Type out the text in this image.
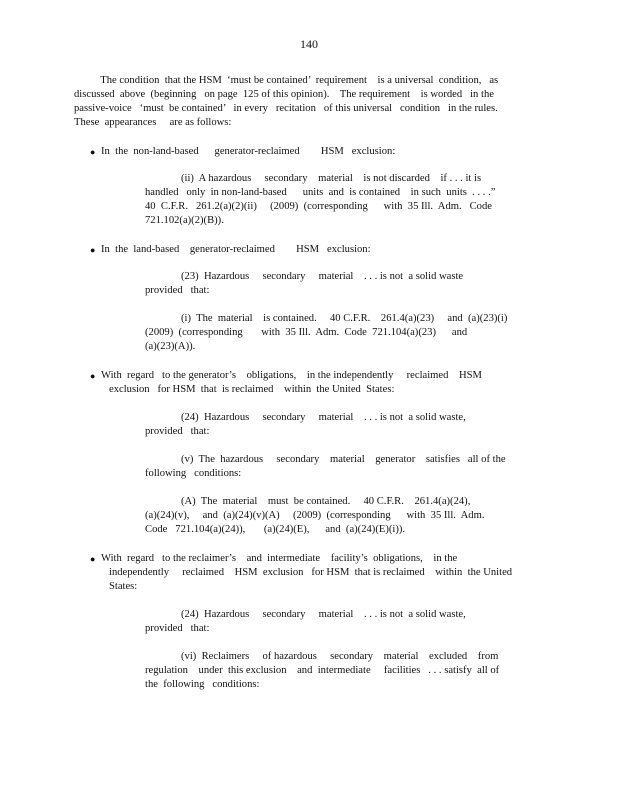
140
The condition  that the HSM  ‘must be contained’  requirement    is a universal  condition,   as
discussed  above  (beginning   on page  125 of this opinion).    The requirement    is worded   in the
passive-voice   ‘must  be contained’   in every   recitation   of this universal   condition   in the rules.
These  appearances     are as follows:
● In  the  non-land-based      generator-reclaimed        HSM   exclusion:
(ii)  A hazardous     secondary    material    is not discarded    if . . . it is
handled   only  in non-land-based      units  and  is contained    in such  units  . . . .”
40  C.F.R.   261.2(a)(2)(ii)     (2009)  (corresponding      with  35 Ill.  Adm.   Code
721.102(a)(2)(B)).
● In  the  land-based    generator-reclaimed        HSM   exclusion:
(23)  Hazardous     secondary     material    . . . is not  a solid waste
provided   that:
(i)  The  material    is contained.     40 C.F.R.    261.4(a)(23)     and  (a)(23)(i)
(2009)  (corresponding       with  35 Ill.  Adm.  Code  721.104(a)(23)      and
(a)(23)(A)).
● With  regard   to the generator’s    obligations,    in the independently     reclaimed    HSM
exclusion   for HSM  that  is reclaimed    within  the United  States:
(24)  Hazardous     secondary     material    . . . is not  a solid waste,
provided   that:
(v)  The  hazardous     secondary    material    generator    satisfies   all of the
following   conditions:
(A)  The  material    must  be contained.     40 C.F.R.    261.4(a)(24),
(a)(24)(v),     and  (a)(24)(v)(A)     (2009)  (corresponding      with  35 Ill.  Adm.
Code   721.104(a)(24)),       (a)(24)(E),      and  (a)(24)(E)(i)).
● With  regard   to the reclaimer’s    and  intermediate    facility’s  obligations,    in the
independently     reclaimed    HSM  exclusion   for HSM  that is reclaimed    within  the United
States:
(24)  Hazardous     secondary     material    . . . is not  a solid waste,
provided   that:
(vi)  Reclaimers     of hazardous     secondary    material    excluded    from
regulation    under  this exclusion    and  intermediate     facilities   . . . satisfy  all of
the  following   conditions:
